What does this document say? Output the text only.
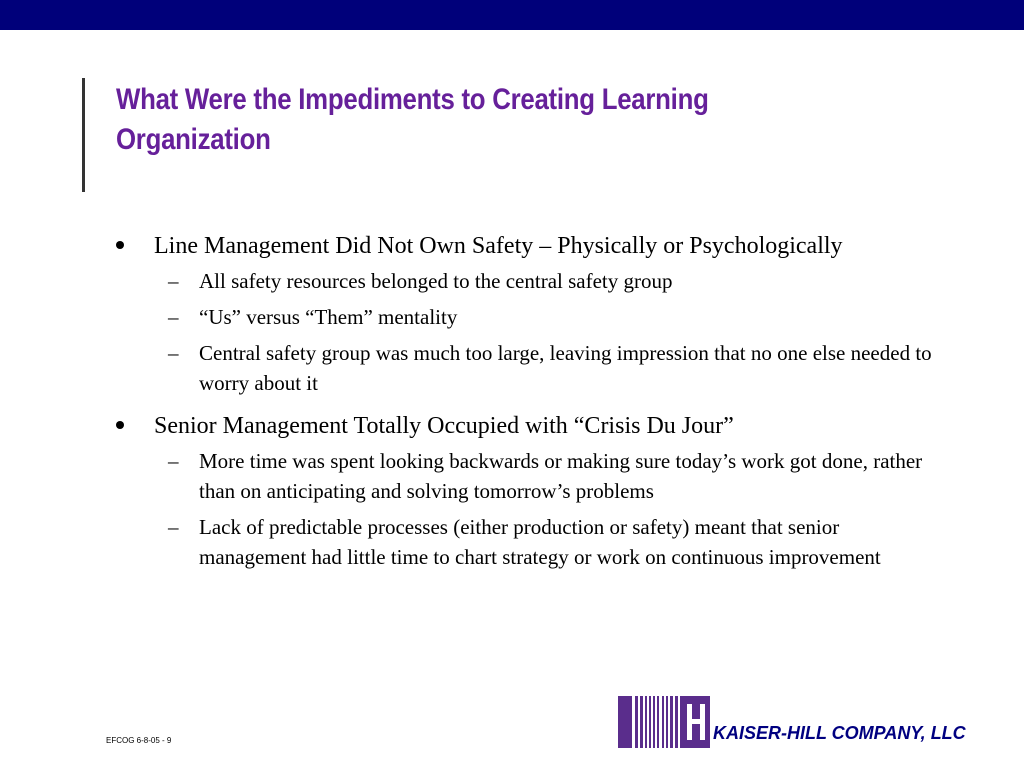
What Were the Impediments to Creating Learning
Organization
Line Management Did Not Own Safety – Physically or Psychologically
– All safety resources belonged to the central safety group
– “Us” versus “Them” mentality
– Central safety group was much too large, leaving impression that no one else needed to worry about it
Senior Management Totally Occupied with “Crisis Du Jour”
– More time was spent looking backwards or making sure today’s work got done, rather than on anticipating and solving tomorrow’s problems
– Lack of predictable processes (either production or safety) meant that senior management had little time to chart strategy or work on continuous improvement
EFCOG 6-8-05 - 9	KAISER-HILL COMPANY, LLC
